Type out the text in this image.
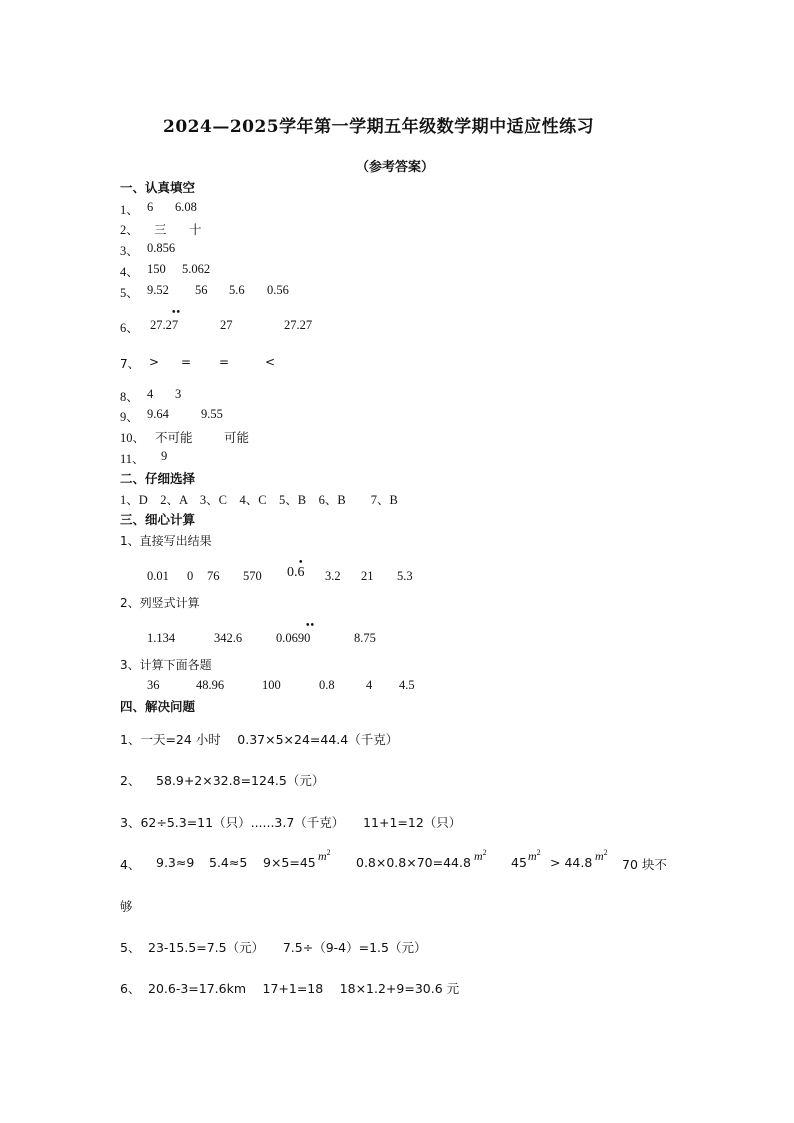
2024—2025学年第一学期五年级数学期中适应性练习
（参考答案）
一、认真填空
1、 6 6.08
2、 三 十
3、 0.856
4、 150 5.062
5、 9.52 56 5.6 0.56
6、 27.27
••
27	27.27
7、 > = =	<
8、 4 3
9、 9.64	9.55
10、 不可能	可能
11、 9
二、仔细选择
1、D　2、A　3、C　4、C　5、B　6、B　　7、B
三、细心计算
1、直接写出结果
0.01 0 76 570 0.6
•
3.2 21 5.3
2、列竖式计算
1.134	342.6	0.0690
••
8.75
3、计算下面各题
36	48.96	100	0.8	4 4.5
四、解决问题
1、一天=24 小时　 0.37×5×24=44.4（千克）
2、 58.9+2×32.8=124.5（元）
3、62÷5.3=11（只）......3.7（千克）　　11+1=12（只）
4、 9.3≈9 5.4≈5 9×5=45 $m^2$
0.8×0.8×70=44.8 $m^2$
45 $m^2$
> 44.8 $m^2$
70 块不
够
5、 23-15.5=7.5（元）　　7.5÷（9-4）=1.5（元）
6、 20.6-3=17.6km　 17+1=18　 18×1.2+9=30.6 元
